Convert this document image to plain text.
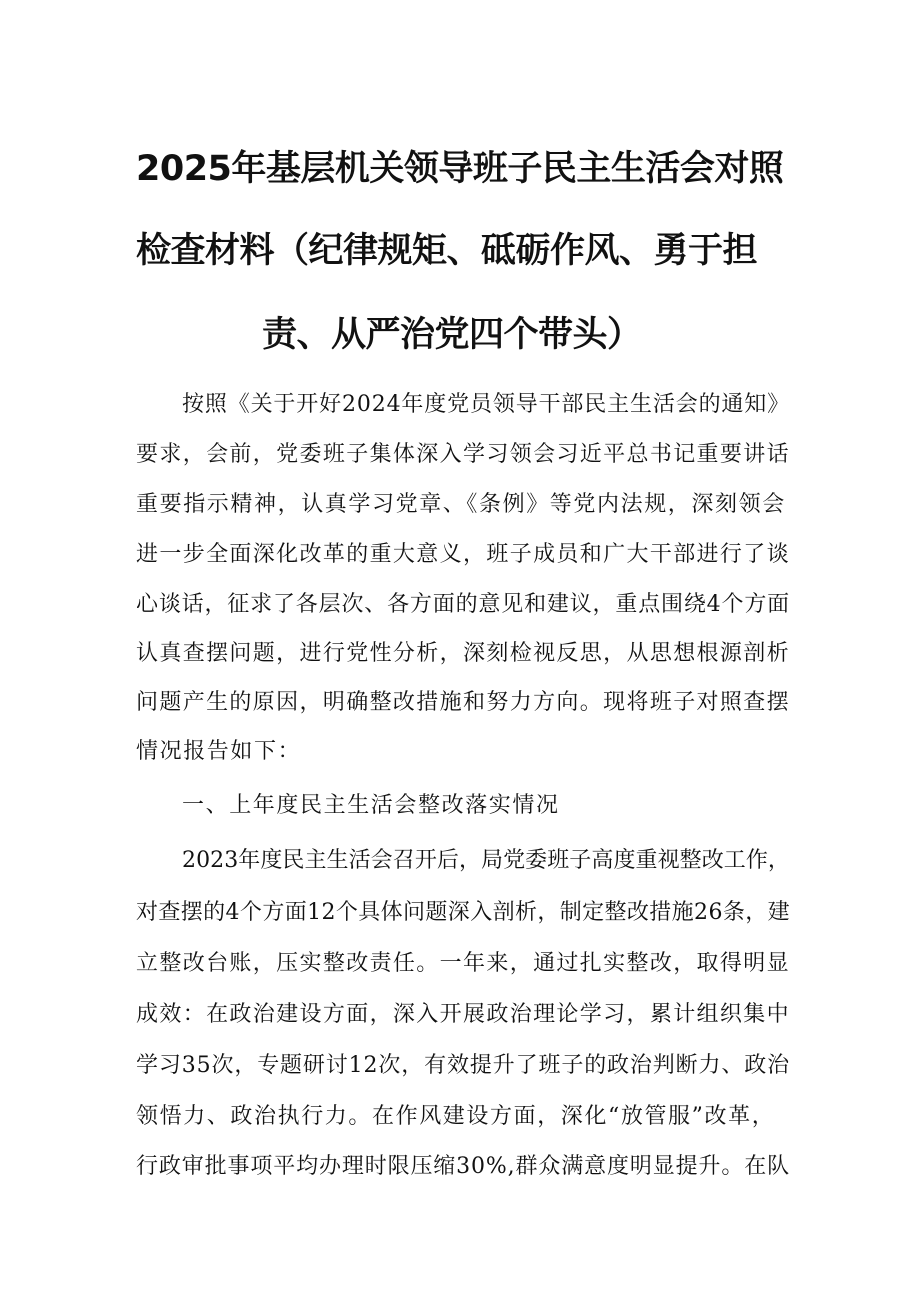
2025年基层机关领导班子民主生活会对照
检查材料（纪律规矩、砥砺作风、勇于担
责、从严治党四个带头）
按照《关于开好2024年度党员领导干部民主生活会的通知》
要求，会前，党委班子集体深入学习领会习近平总书记重要讲话
重要指示精神，认真学习党章、《条例》等党内法规，深刻领会
进一步全面深化改革的重大意义，班子成员和广大干部进行了谈
心谈话，征求了各层次、各方面的意见和建议，重点围绕4个方面
认真查摆问题，进行党性分析，深刻检视反思，从思想根源剖析
问题产生的原因，明确整改措施和努力方向。现将班子对照查摆
情况报告如下：
一、上年度民主生活会整改落实情况
2023年度民主生活会召开后，局党委班子高度重视整改工作，
对查摆的4个方面12个具体问题深入剖析，制定整改措施26条，建
立整改台账，压实整改责任。一年来，通过扎实整改，取得明显
成效：在政治建设方面，深入开展政治理论学习，累计组织集中
学习35次，专题研讨12次，有效提升了班子的政治判断力、政治
领悟力、政治执行力。在作风建设方面，深化“放管服”改革，
行政审批事项平均办理时限压缩30%,群众满意度明显提升。在队
